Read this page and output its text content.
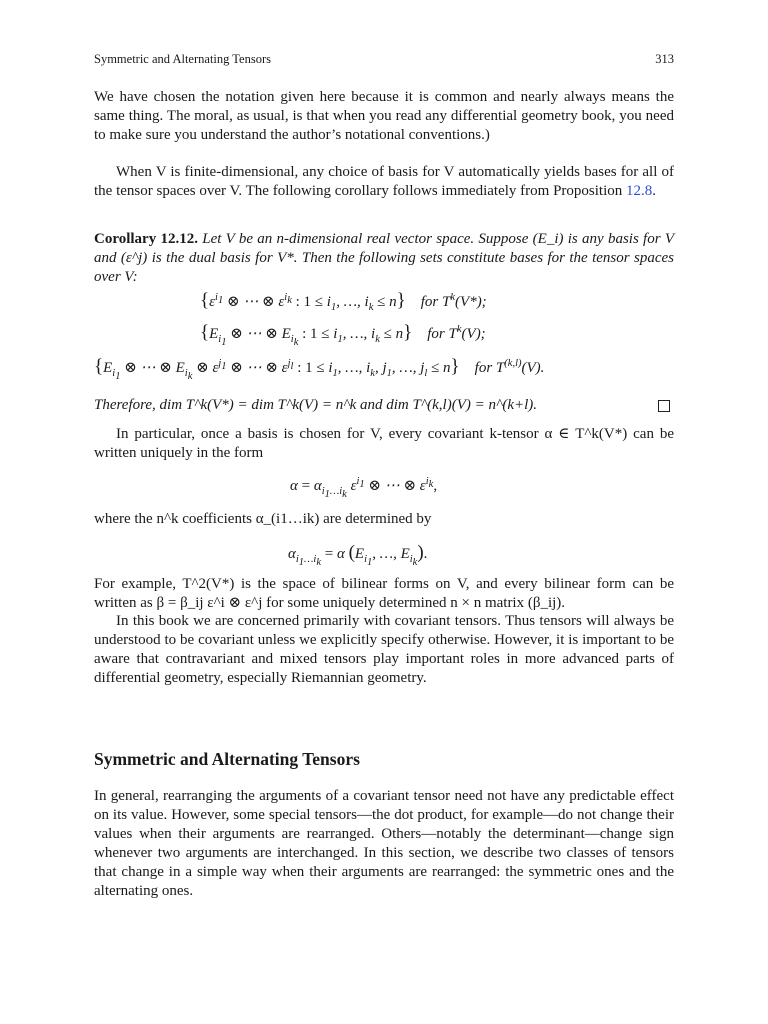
Symmetric and Alternating Tensors	313

We have chosen the notation given here because it is common and nearly always means the same thing. The moral, as usual, is that when you read any differential geometry book, you need to make sure you understand the author’s notational conventions.)

When V is finite-dimensional, any choice of basis for V automatically yields bases for all of the tensor spaces over V. The following corollary follows immediately from Proposition 12.8.

Corollary 12.12. Let V be an n-dimensional real vector space. Suppose (E_i) is any basis for V and (ε^j) is the dual basis for V*. Then the following sets constitute bases for the tensor spaces over V:

{$\varepsilon^{i_1}$ ⊗ ⋯ ⊗ $\varepsilon^{i_k}$ : $1 \le i_1$, …, $i_k \le n$}    for $T^k(V*)$;
{$E_{i_1}$ ⊗ ⋯ ⊗ $E_{i_k}$ : $1 \le i_1$, …, $i_k \le n$}    for $T^k(V)$;
{$E_{i_1}$ ⊗ ⋯ ⊗ $E_{i_k}$ ⊗ $\varepsilon^{j_1}$ ⊗ ⋯ ⊗ $\varepsilon^{j_l}$ : $1 \le i_1$, …, $i_k$, $j_1$, …, $j_l \le n$}    for T$^{(k,l)}$(V).

Therefore, dim T^k(V*) = dim T^k(V) = n^k and dim T^(k,l)(V) = n^(k+l).

In particular, once a basis is chosen for V, every covariant k-tensor α ∈ T^k(V*) can be written uniquely in the form

$\alpha = \alpha_{i_1\dots i_k}$ $\varepsilon^{i_1}$ ⊗ ⋯ ⊗ $\varepsilon^{i_k}$,

where the n^k coefficients α_(i1…ik) are determined by

$\alpha_{i_1\dots i_k} = \alpha$ ($E_{i_1}$, …, $E_{i_k}$).

For example, T^2(V*) is the space of bilinear forms on V, and every bilinear form can be written as β = β_ij ε^i ⊗ ε^j for some uniquely determined n × n matrix (β_ij).

In this book we are concerned primarily with covariant tensors. Thus tensors will always be understood to be covariant unless we explicitly specify otherwise. However, it is important to be aware that contravariant and mixed tensors play important roles in more advanced parts of differential geometry, especially Riemannian geometry.

Symmetric and Alternating Tensors

In general, rearranging the arguments of a covariant tensor need not have any predictable effect on its value. However, some special tensors—the dot product, for example—do not change their values when their arguments are rearranged. Others—notably the determinant—change sign whenever two arguments are interchanged. In this section, we describe two classes of tensors that change in a simple way when their arguments are rearranged: the symmetric ones and the alternating ones.
